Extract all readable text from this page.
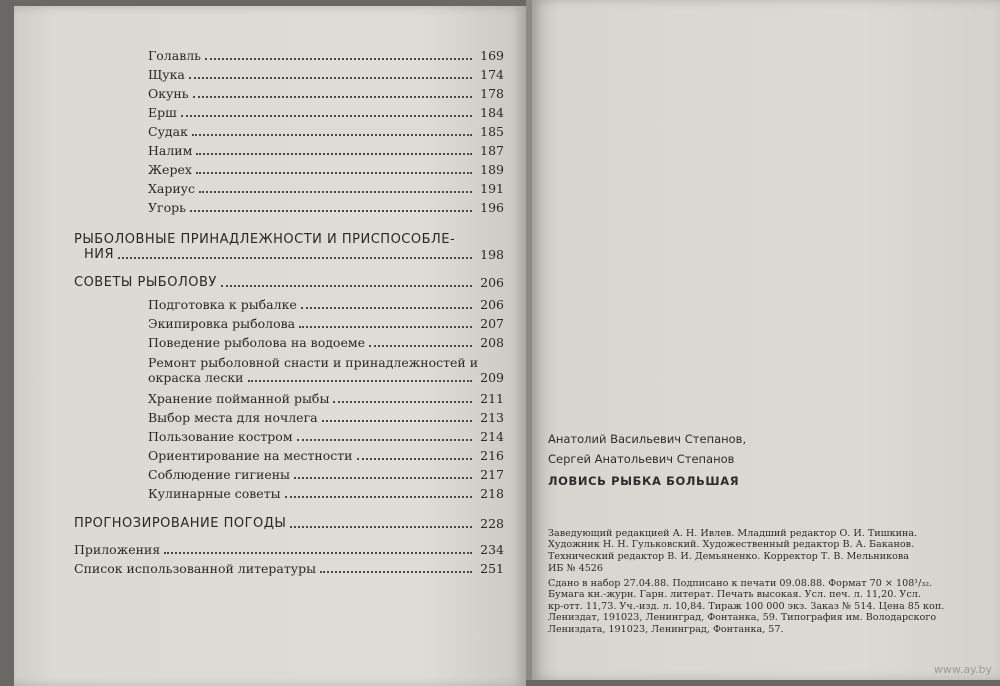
Голавль	169
Щука	174
Окунь	178
Ерш	184
Судак	185
Налим	187
Жерех	189
Хариус	191
Угорь	196
РЫБОЛОВНЫЕ ПРИНАДЛЕЖНОСТИ И ПРИСПОСОБЛЕ-
НИЯ	198
СОВЕТЫ РЫБОЛОВУ	206
Подготовка к рыбалке	206
Экипировка рыболова	207
Поведение рыболова на водоеме	208
Ремонт рыболовной снасти и принадлежностей и
окраска лески	209
Хранение пойманной рыбы	211
Выбор места для ночлега	213
Пользование костром	214
Ориентирование на местности	216
Соблюдение гигиены	217
Кулинарные советы	218
ПРОГНОЗИРОВАНИЕ ПОГОДЫ	228
Приложения	234
Список использованной литературы	251
Анатолий Васильевич Степанов,
Сергей Анатольевич Степанов
ЛОВИСЬ РЫБКА БОЛЬШАЯ
Заведующий редакцией А. Н. Ивлев. Младший редактор О. И. Тишкина.
Художник Н. Н. Гульковский. Художественный редактор В. А. Баканов.
Технический редактор В. И. Демьяненко. Корректор Т. В. Мельникова
ИБ № 4526
Сдано в набор 27.04.88. Подписано к печати 09.08.88. Формат 70 × 108¹/₃₂.
Бумага кн.-журн. Гарн. литерат. Печать высокая. Усл. печ. л. 11,20. Усл.
кр-отт. 11,73. Уч.-изд. л. 10,84. Тираж 100 000 экз. Заказ № 514. Цена 85 коп.
Лениздат, 191023, Ленинград, Фонтанка, 59. Типография им. Володарского
Лениздата, 191023, Ленинград, Фонтанка, 57.
www.ay.by
